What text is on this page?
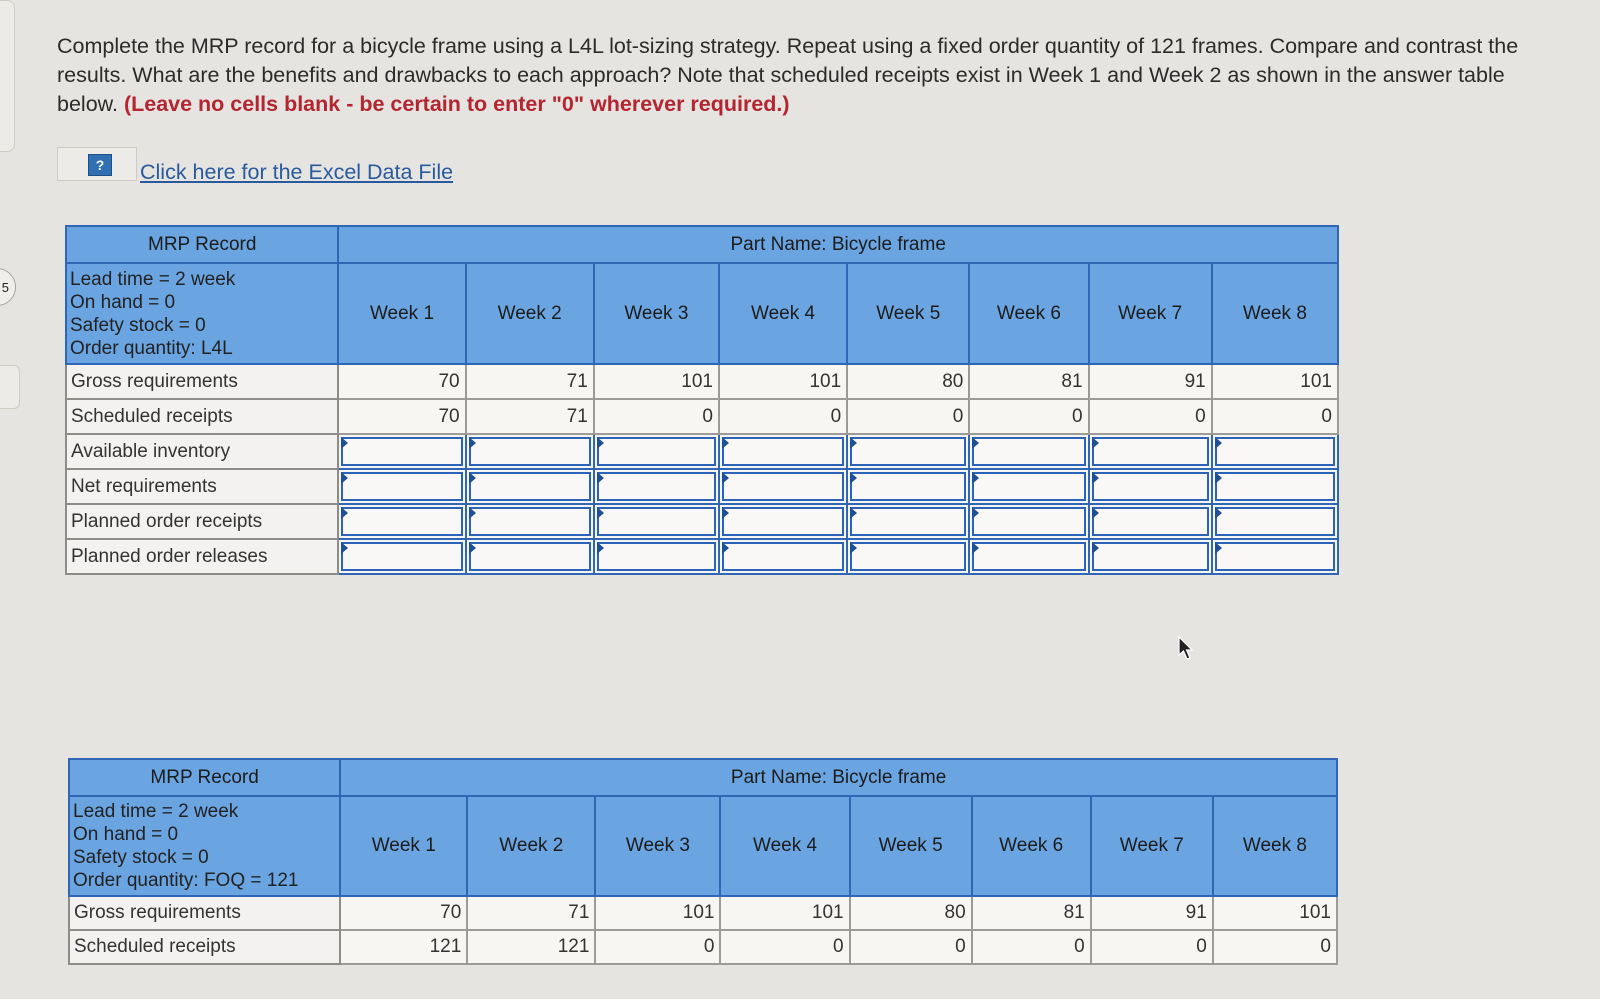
5
Complete the MRP record for a bicycle frame using a L4L lot-sizing strategy. Repeat using a fixed order quantity of 121 frames. Compare and contrast the results. What are the benefits and drawbacks to each approach? Note that scheduled receipts exist in Week 1 and Week 2 as shown in the answer table below. (Leave no cells blank - be certain to enter "0" wherever required.)
?	Click here for the Excel Data File
MRP Record	Part Name: Bicycle frame							

Lead time = 2 week
On hand = 0
Safety stock = 0
Order quantity: L4L	Week 1	Week 2	Week 3	Week 4	Week 5	Week 6	Week 7	Week 8
Gross requirements	70	71	101	101	80	81	91	101
Scheduled receipts	70	71	0	0	0	0	0	0
Available inventory	

Net requirements	

Planned order receipts	

Planned order releases	

MRP Record	Part Name: Bicycle frame							

Lead time = 2 week
On hand = 0
Safety stock = 0
Order quantity: FOQ = 121	Week 1	Week 2	Week 3	Week 4	Week 5	Week 6	Week 7	Week 8
Gross requirements	70	71	101	101	80	81	91	101
Scheduled receipts	121	121	0	0	0	0	0	0
